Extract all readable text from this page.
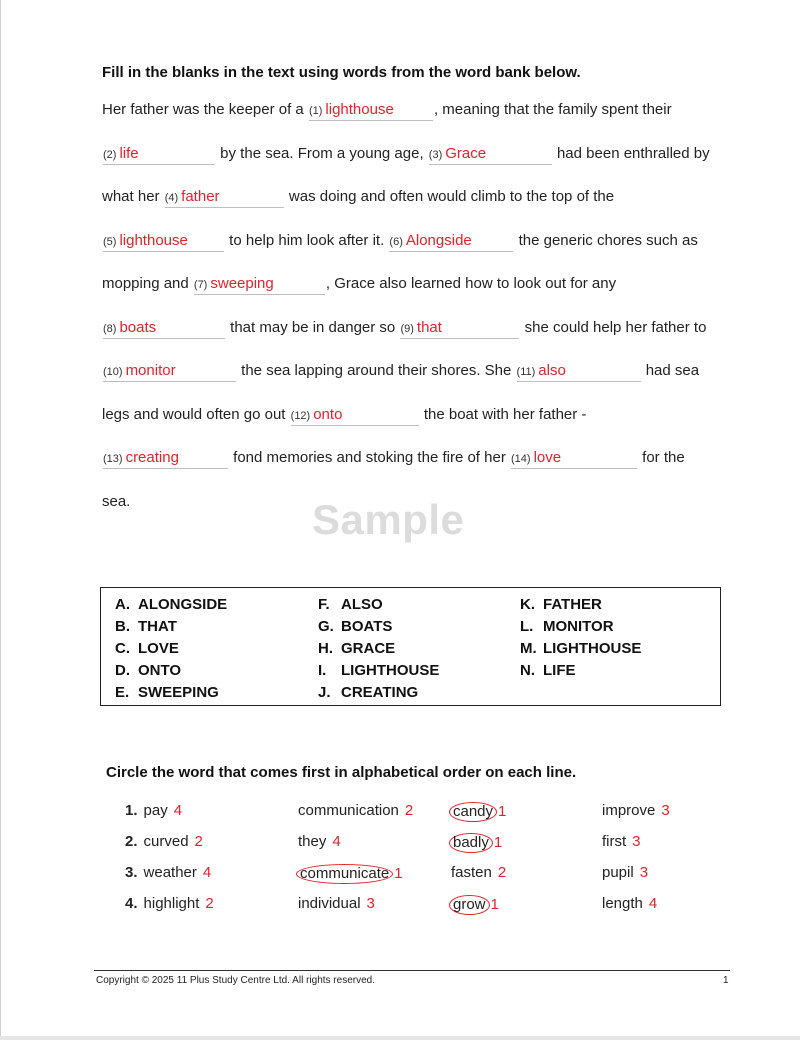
Fill in the blanks in the text using words from the word bank below.
Her father was the keeper of a (1) lighthouse	, meaning that the family spent their
(2) life	by the sea. From a young age, (3) Grace	had been enthralled by
what her (4) father	was doing and often would climb to the top of the
(5) lighthouse	to help him look after it. (6) Alongside	the generic chores such as
mopping and (7) sweeping	, Grace also learned how to look out for any
(8) boats	that may be in danger so (9) that	she could help her father to
(10) monitor	the sea lapping around their shores. She (11) also	had sea
legs and would often go out (12) onto	the boat with her father -
(13) creating	fond memories and stoking the fire of her (14) love	for the
sea.	Sample
A. ALONGSIDE
B. THAT
C. LOVE
D. ONTO
E. SWEEPING
F. ALSO
G. BOATS
H. GRACE
I. LIGHTHOUSE
J. CREATING
K. FATHER
L. MONITOR
M. LIGHTHOUSE
N. LIFE
Circle the word that comes first in alphabetical order on each line.
1. pay 4	communication 2	candy 1	improve 3
2. curved 2	they 4	badly 1	first 3
3. weather 4	communicate 1	fasten 2	pupil 3
4. highlight 2	individual 3	grow 1	length 4
Copyright © 2025 11 Plus Study Centre Ltd. All rights reserved.	1
